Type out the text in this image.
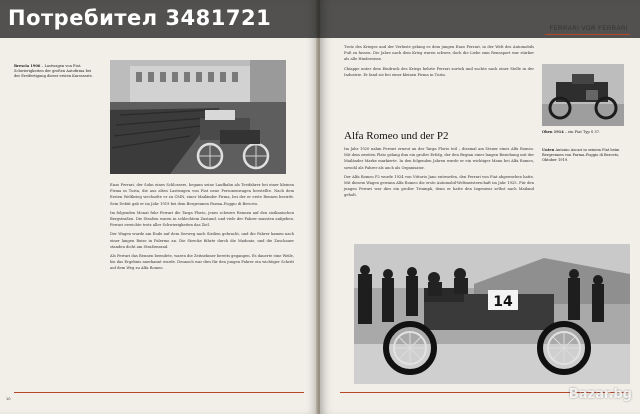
Brescia 1906 – Lastwagen von Fiat. Schwierigkeiten der großen Autofirma bei der Erstfertigung dieser ersten Karosserie.

Enzo Ferrari, der Sohn eines Schlossers, begann seine Laufbahn als Testfahrer bei einer kleinen Firma in Turin, die aus alten Lastwagen von Fiat neue Personenwagen herstellte. Nach dem Ersten Weltkrieg wechselte er zu CMN, einer Mailänder Firma, bei der er erste Rennen bestritt. Sein Debüt gab er im Jahr 1919 bei dem Bergrennen Parma–Poggio di Berceto.

Im folgenden Monat fuhr Ferrari die Targa Florio, jenes schwere Rennen auf den sizilianischen Bergstraßen. Die Straßen waren in schlechtem Zustand, und viele der Fahrer mussten aufgeben. Ferrari erreichte trotz aller Schwierigkeiten das Ziel.

Der Wagen wurde am Ende auf dem Seeweg nach Sizilien gebracht, und die Fahrer kamen nach einer langen Reise in Palermo an. Die Strecke führte durch die Madonie, und die Zuschauer standen dicht am Straßenrand.

Als Ferrari das Rennen beendete, waren die Zeitnehmer bereits gegangen. Es dauerte eine Weile, bis das Ergebnis anerkannt wurde. Dennoch war dies für den jungen Fahrer ein wichtiger Schritt auf dem Weg zu Alfa Romeo.

10

Trotz des Krieges und der Verluste gelang es dem jungen Enzo Ferrari, in der Welt des Automobils Fuß zu fassen. Die Jahre nach dem Krieg waren schwer, doch die Liebe zum Rennsport war stärker als alle Hindernisse.

Chiappe unter dem Eindruck des Kriegs kehrte Ferrari zurück und suchte nach einer Stelle in der Industrie. Er fand sie bei einer kleinen Firma in Turin.

Alfa Romeo und der P2

Im Jahr 1920 nahm Ferrari erneut an der Targa Florio teil – diesmal am Steuer eines Alfa Romeo. Mit dem zweiten Platz gelang ihm ein großer Erfolg, der den Beginn einer langen Beziehung mit der Mailänder Marke markierte. In den folgenden Jahren wurde er ein wichtiger Mann bei Alfa Romeo, sowohl als Fahrer als auch als Organisator.

Der Alfa Romeo P2 wurde 1924 von Vittorio Jano entworfen, den Ferrari von Fiat abgeworben hatte. Mit diesem Wagen gewann Alfa Romeo die erste Automobil-Weltmeisterschaft im Jahr 1925. Für den jungen Ferrari war dies ein großer Triumph, denn er hatte den Ingenieur selbst nach Mailand geholt.

Oben 1914 – ein Fiat Typ S 57.
Unten Antonio Ascari in seinem Fiat beim Bergrennen von Parma–Poggio di Berceto, Oktober 1919.
14
Потребител 3481721	FERRARI VOR FERRARI
Bazar.bg
